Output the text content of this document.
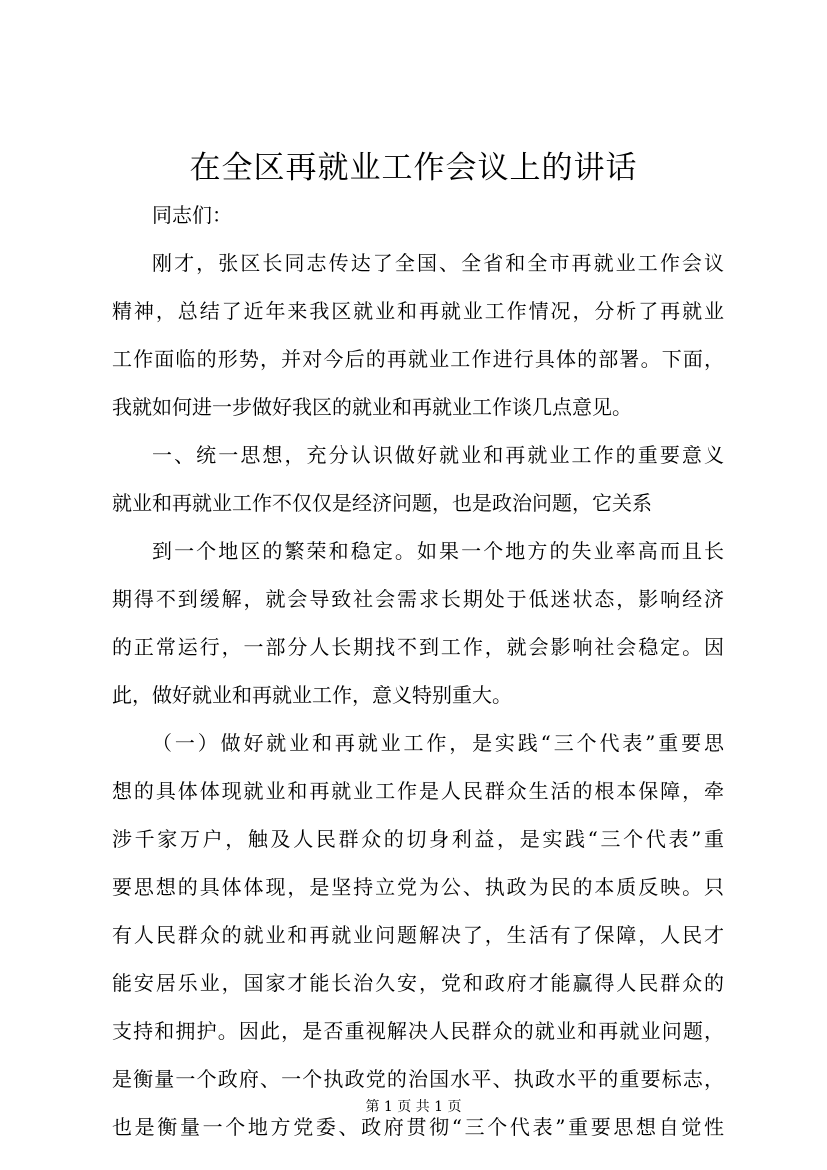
在全区再就业工作会议上的讲话
同志们：
刚才，张区长同志传达了全国、全省和全市再就业工作会议
精神，总结了近年来我区就业和再就业工作情况，分析了再就业
工作面临的形势，并对今后的再就业工作进行具体的部署。下面，
我就如何进一步做好我区的就业和再就业工作谈几点意见。
一、统一思想，充分认识做好就业和再就业工作的重要意义
就业和再就业工作不仅仅是经济问题，也是政治问题，它关系
到一个地区的繁荣和稳定。如果一个地方的失业率高而且长
期得不到缓解，就会导致社会需求长期处于低迷状态，影响经济
的正常运行，一部分人长期找不到工作，就会影响社会稳定。因
此，做好就业和再就业工作，意义特别重大。
（一）做好就业和再就业工作，是实践“三个代表”重要思
想的具体体现就业和再就业工作是人民群众生活的根本保障，牵
涉千家万户，触及人民群众的切身利益，是实践“三个代表”重
要思想的具体体现，是坚持立党为公、执政为民的本质反映。只
有人民群众的就业和再就业问题解决了，生活有了保障，人民才
能安居乐业，国家才能长治久安，党和政府才能赢得人民群众的
支持和拥护。因此，是否重视解决人民群众的就业和再就业问题，
是衡量一个政府、一个执政党的治国水平、执政水平的重要标志，
也是衡量一个地方党委、政府贯彻“三个代表”重要思想自觉性
第 1 页 共 1 页
